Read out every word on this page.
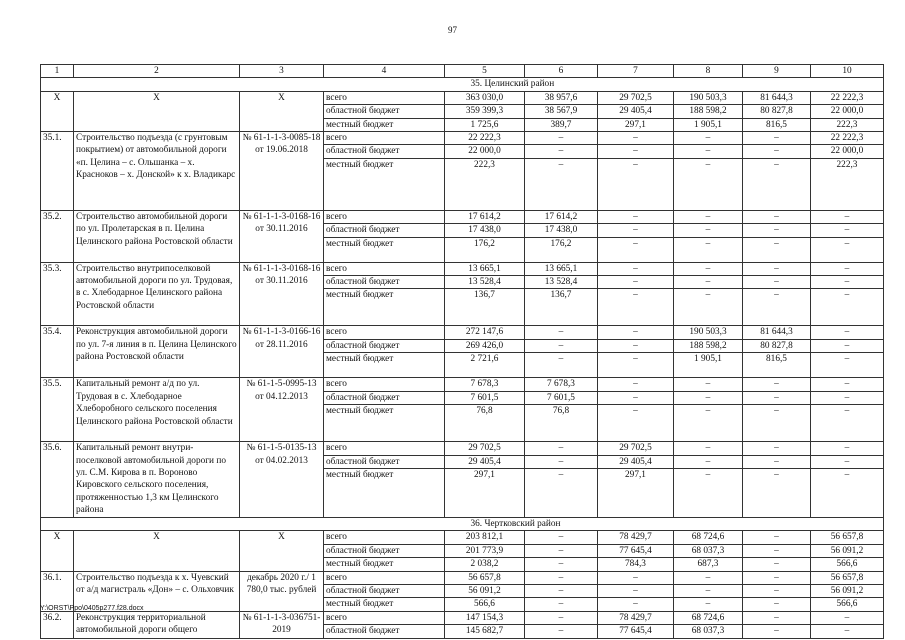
97
1	2	3	4	5	6	7	8	9	10
				35. Целинский район					
X	X	X	всего	363 030,0	38 957,6	29 702,5	190 503,3	81 644,3	22 222,3
			областной бюджет	359 399,3	38 567,9	29 405,4	188 598,2	80 827,8	22 000,0
			местный бюджет	1 725,6	389,7	297,1	1 905,1	816,5	222,3
35.1.	Строительство подъезда (с грунтовым покрытием) от автомобильной дороги «п. Целина – с. Ольшанка – х. Красноков – х. Донской» к х. Владикарс	№ 61-1-1-3-0085-18 от 19.06.2018	всего	22 222,3	–	–	–	–	22 222,3
			областной бюджет	22 000,0	–	–	–	–	22 000,0
			местный бюджет	222,3	–	–	–	–	222,3
35.2.	Строительство автомобильной дороги по ул. Пролетарская в п. Целина Целинского района Ростовской области	№ 61-1-1-3-0168-16 от 30.11.2016	всего	17 614,2	17 614,2	–	–	–	–
			областной бюджет	17 438,0	17 438,0	–	–	–	–
			местный бюджет	176,2	176,2	–	–	–	–
35.3.	Строительство внутрипоселковой автомобильной дороги по ул. Трудовая, в с. Хлебодарное Целинского района Ростовской области	№ 61-1-1-3-0168-16 от 30.11.2016	всего	13 665,1	13 665,1	–	–	–	–
			областной бюджет	13 528,4	13 528,4	–	–	–	–
			местный бюджет	136,7	136,7	–	–	–	–
35.4.	Реконструкция автомобильной дороги по ул. 7-я линия в п. Целина Целинского района Ростовской области	№ 61-1-1-3-0166-16 от 28.11.2016	всего	272 147,6	–	–	190 503,3	81 644,3	–
			областной бюджет	269 426,0	–	–	188 598,2	80 827,8	–
			местный бюджет	2 721,6	–	–	1 905,1	816,5	–
35.5.	Капитальный ремонт а/д по ул. Трудовая в с. Хлебодарное Хлеборобного сельского поселения Целинского района Ростовской области	№ 61-1-5-0995-13 от 04.12.2013	всего	7 678,3	7 678,3	–	–	–	–
			областной бюджет	7 601,5	7 601,5	–	–	–	–
			местный бюджет	76,8	76,8	–	–	–	–
35.6.	Капитальный ремонт внутри-поселковой автомобильной дороги по ул. С.М. Кирова в п. Вороново Кировского сельского поселения, протяженностью 1,3 км Целинского района	№ 61-1-5-0135-13 от 04.02.2013	всего	29 702,5	–	29 702,5	–	–	–
			областной бюджет	29 405,4	–	29 405,4	–	–	–
			местный бюджет	297,1	–	297,1	–	–	–
				36. Чертковский район					
X	X	X	всего	203 812,1	–	78 429,7	68 724,6	–	56 657,8
			областной бюджет	201 773,9	–	77 645,4	68 037,3	–	56 091,2
			местный бюджет	2 038,2	–	784,3	687,3	–	566,6
36.1.	Строительство подъезда к х. Чуевский от а/д магистраль «Дон» – с. Ольховчик	декабрь 2020 г./ 1 780,0 тыс. рублей	всего	56 657,8	–	–	–	–	56 657,8
			областной бюджет	56 091,2	–	–	–	–	56 091,2
			местный бюджет	566,6	–	–	–	–	566,6
36.2.	Реконструкция территориальной автомобильной дороги общего	№ 61-1-1-3-036751-2019	всего	147 154,3	–	78 429,7	68 724,6	–	–
			областной бюджет	145 682,7	–	77 645,4	68 037,3	–	–
Y:\ORST\Ppo\0405p277.f28.docx
